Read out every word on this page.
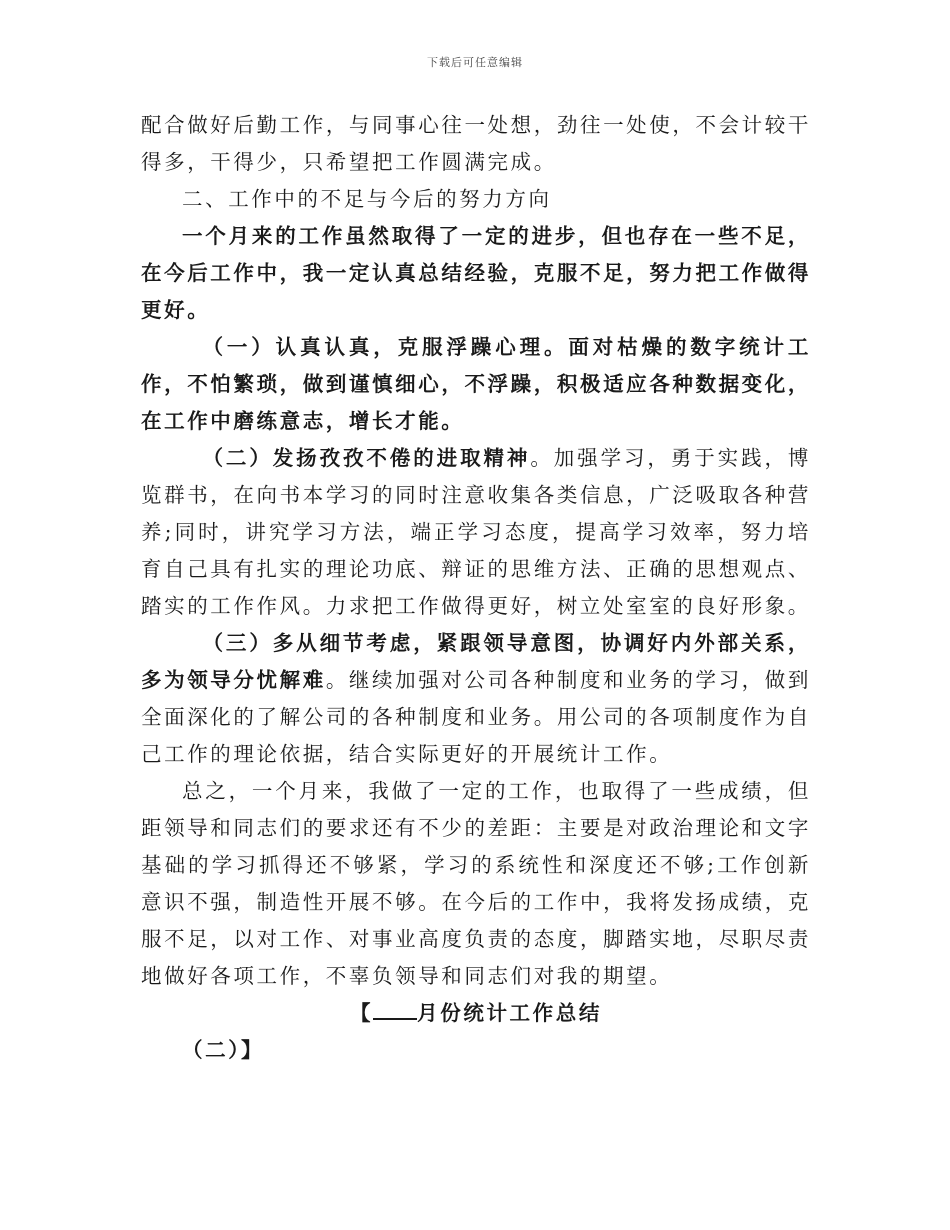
下载后可任意编辑

配合做好后勤工作，与同事心往一处想，劲往一处使，不会计较干得多，干得少，只希望把工作圆满完成。

二、工作中的不足与今后的努力方向

一个月来的工作虽然取得了一定的进步，但也存在一些不足，在今后工作中，我一定认真总结经验，克服不足，努力把工作做得更好。

（一）认真认真，克服浮躁心理。面对枯燥的数字统计工作，不怕繁琐，做到谨慎细心，不浮躁，积极适应各种数据变化，在工作中磨练意志，增长才能。

（二）发扬孜孜不倦的进取精神。加强学习，勇于实践，博览群书，在向书本学习的同时注意收集各类信息，广泛吸取各种营养;同时，讲究学习方法，端正学习态度，提高学习效率，努力培育自己具有扎实的理论功底、辩证的思维方法、正确的思想观点、踏实的工作作风。力求把工作做得更好，树立处室室的良好形象。

（三）多从细节考虑，紧跟领导意图，协调好内外部关系，多为领导分忧解难。继续加强对公司各种制度和业务的学习，做到全面深化的了解公司的各种制度和业务。用公司的各项制度作为自己工作的理论依据，结合实际更好的开展统计工作。

总之，一个月来，我做了一定的工作，也取得了一些成绩，但距领导和同志们的要求还有不少的差距：主要是对政治理论和文字基础的学习抓得还不够紧，学习的系统性和深度还不够;工作创新意识不强，制造性开展不够。在今后的工作中，我将发扬成绩，克服不足，以对工作、对事业高度负责的态度，脚踏实地，尽职尽责地做好各项工作，不辜负领导和同志们对我的期望。

【 月份统计工作总结

（二）】
